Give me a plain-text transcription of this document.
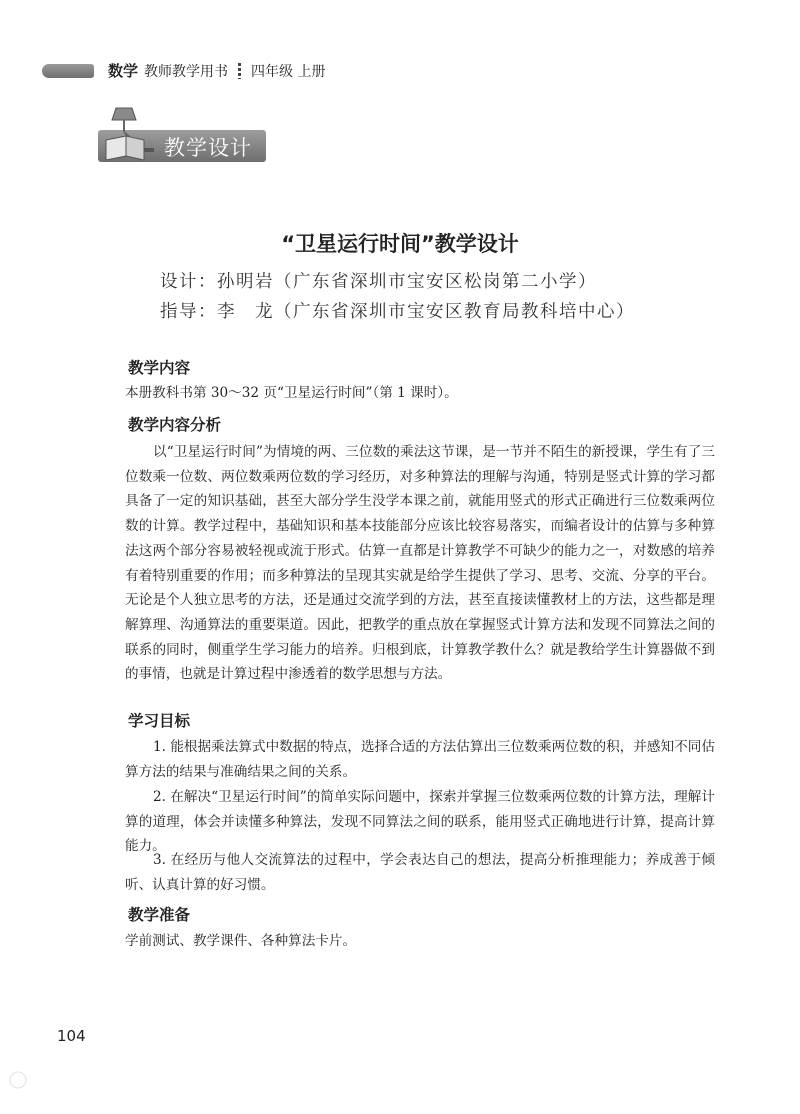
数学 教师教学用书 四年级 上册
教学设计
“卫星运行时间”教学设计
设计：孙明岩（广东省深圳市宝安区松岗第二小学）
指导：李　龙（广东省深圳市宝安区教育局教科培中心）
教学内容
本册教科书第 30～32 页“卫星运行时间”（第 1 课时）。
教学内容分析
以“卫星运行时间”为情境的两、三位数的乘法这节课，是一节并不陌生的新授课，学生有了三位数乘一位数、两位数乘两位数的学习经历，对多种算法的理解与沟通，特别是竖式计算的学习都具备了一定的知识基础，甚至大部分学生没学本课之前，就能用竖式的形式正确进行三位数乘两位数的计算。教学过程中，基础知识和基本技能部分应该比较容易落实，而编者设计的估算与多种算法这两个部分容易被轻视或流于形式。估算一直都是计算教学不可缺少的能力之一，对数感的培养有着特别重要的作用；而多种算法的呈现其实就是给学生提供了学习、思考、交流、分享的平台。无论是个人独立思考的方法，还是通过交流学到的方法，甚至直接读懂教材上的方法，这些都是理解算理、沟通算法的重要渠道。因此，把教学的重点放在掌握竖式计算方法和发现不同算法之间的联系的同时，侧重学生学习能力的培养。归根到底，计算教学教什么？就是教给学生计算器做不到的事情，也就是计算过程中渗透着的数学思想与方法。
学习目标
1. 能根据乘法算式中数据的特点，选择合适的方法估算出三位数乘两位数的积，并感知不同估算方法的结果与准确结果之间的关系。
2. 在解决“卫星运行时间”的简单实际问题中，探索并掌握三位数乘两位数的计算方法，理解计算的道理，体会并读懂多种算法，发现不同算法之间的联系，能用竖式正确地进行计算，提高计算能力。
3. 在经历与他人交流算法的过程中，学会表达自己的想法，提高分析推理能力；养成善于倾听、认真计算的好习惯。
教学准备
学前测试、教学课件、各种算法卡片。
104
